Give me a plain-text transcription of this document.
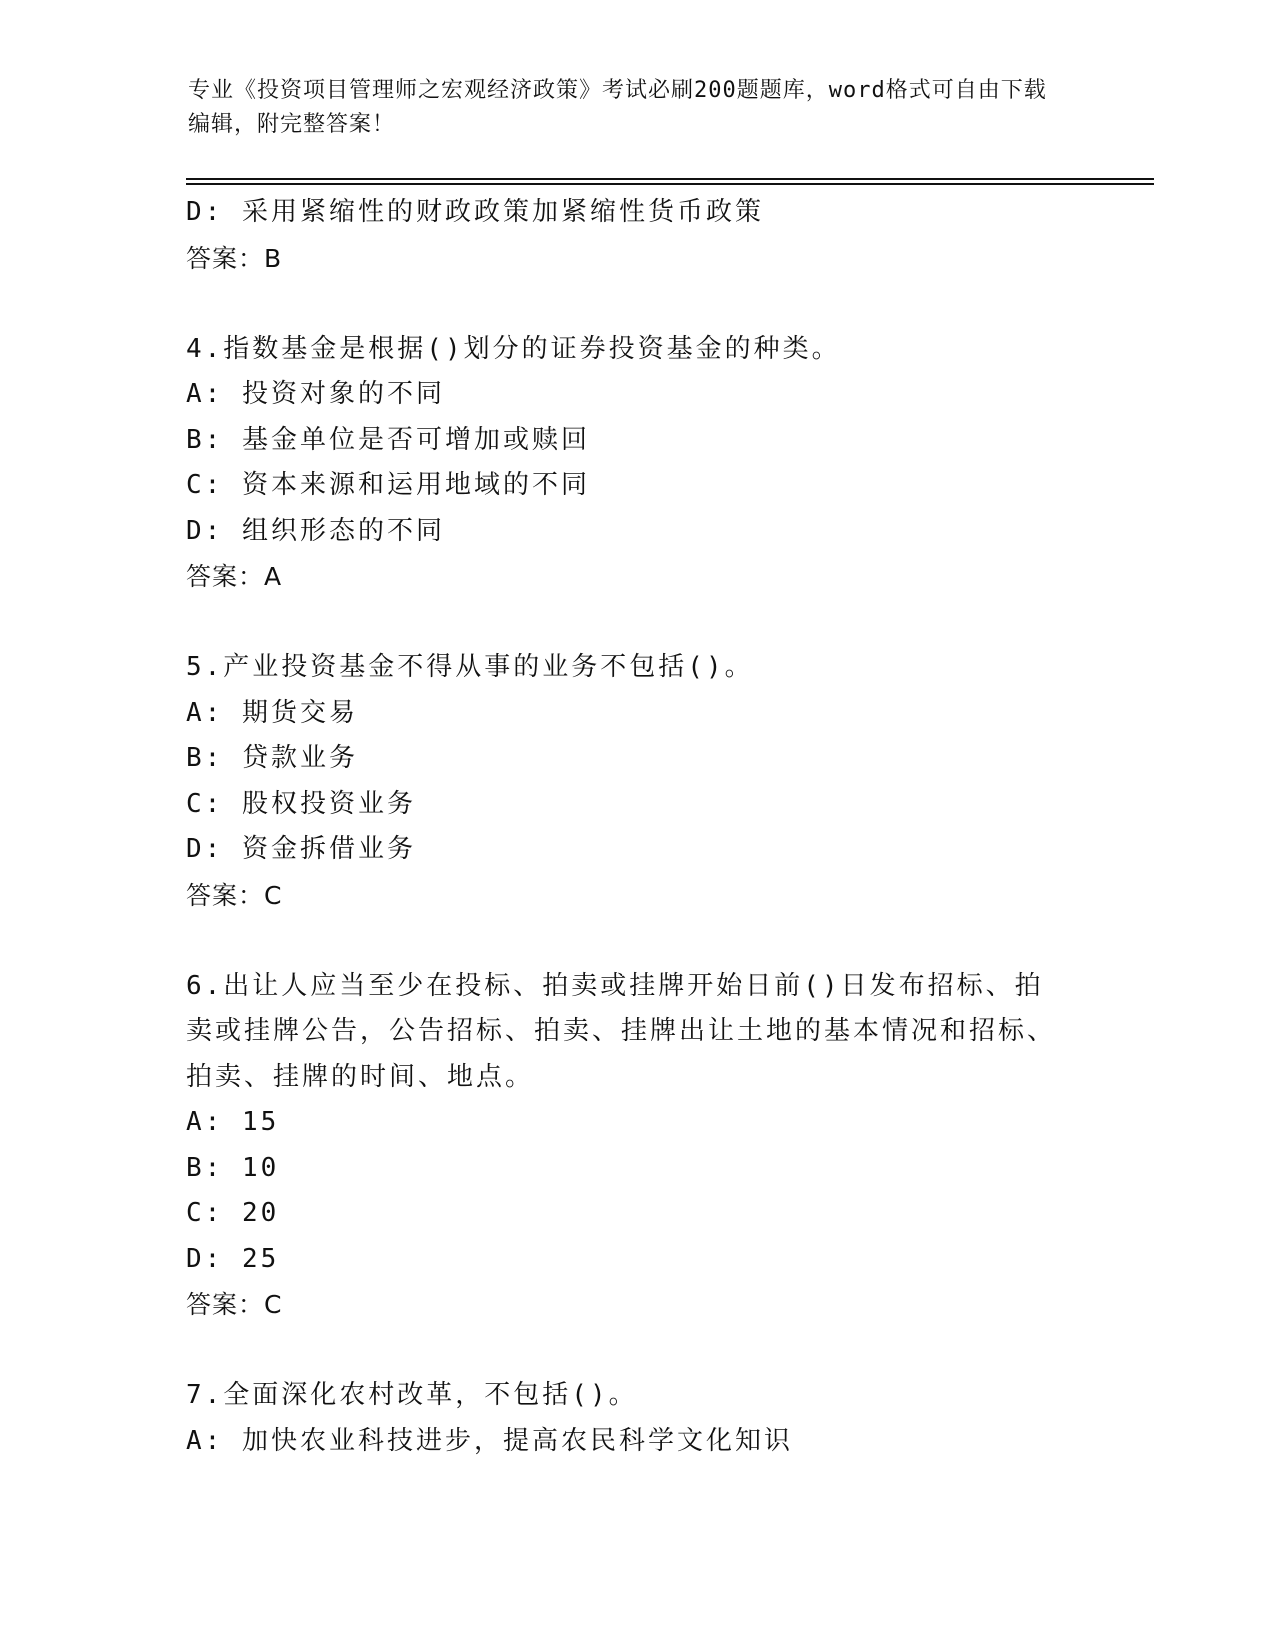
专业《投资项目管理师之宏观经济政策》考试必刷200题题库，word格式可自由下载编辑，附完整答案！
D: 采用紧缩性的财政政策加紧缩性货币政策
答案：B
4.指数基金是根据()划分的证券投资基金的种类。
A: 投资对象的不同
B: 基金单位是否可增加或赎回
C: 资本来源和运用地域的不同
D: 组织形态的不同
答案：A
5.产业投资基金不得从事的业务不包括()。
A: 期货交易
B: 贷款业务
C: 股权投资业务
D: 资金拆借业务
答案：C
6.出让人应当至少在投标、拍卖或挂牌开始日前()日发布招标、拍卖或挂牌公告，公告招标、拍卖、挂牌出让土地的基本情况和招标、拍卖、挂牌的时间、地点。
A: 15
B: 10
C: 20
D: 25
答案：C
7.全面深化农村改革，不包括()。
A: 加快农业科技进步，提高农民科学文化知识
